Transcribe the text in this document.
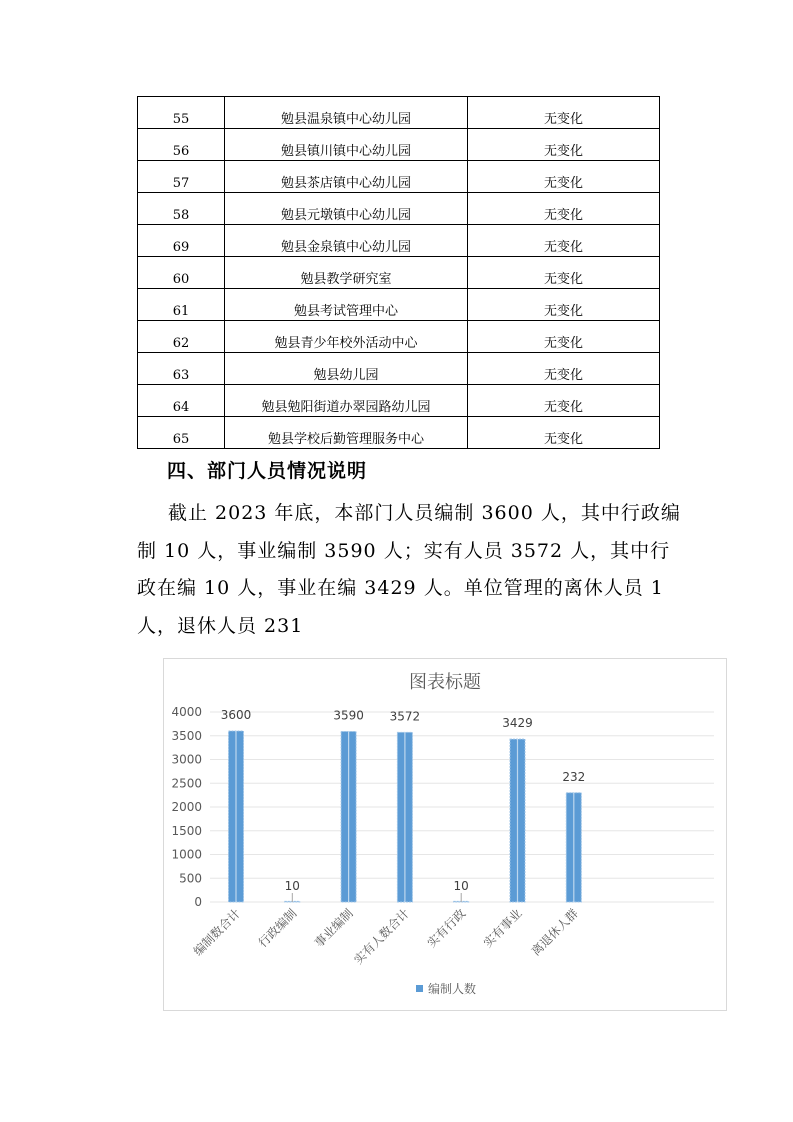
55	勉县温泉镇中心幼儿园	无变化
56	勉县镇川镇中心幼儿园	无变化
57	勉县茶店镇中心幼儿园	无变化
58	勉县元墩镇中心幼儿园	无变化
69	勉县金泉镇中心幼儿园	无变化
60	勉县教学研究室	无变化
61	勉县考试管理中心	无变化
62	勉县青少年校外活动中心	无变化
63	勉县幼儿园	无变化
64	勉县勉阳街道办翠园路幼儿园	无变化
65	勉县学校后勤管理服务中心	无变化
四、部门人员情况说明

截止 2023 年底，本部门人员编制 3600 人，其中行政编制 10 人，事业编制 3590 人；实有人员 3572 人，其中行政在编 10 人，事业在编 3429 人。单位管理的离休人员 1 人，退休人员 231

图表标题
0
500
1000
1500
2000
2500
3000
3500
4000 3600
编制数合计
10
行政编制
3590
事业编制
3572
实有人数合计
10
实有行政
3429
实有事业
232
离退休人群
编制人数
